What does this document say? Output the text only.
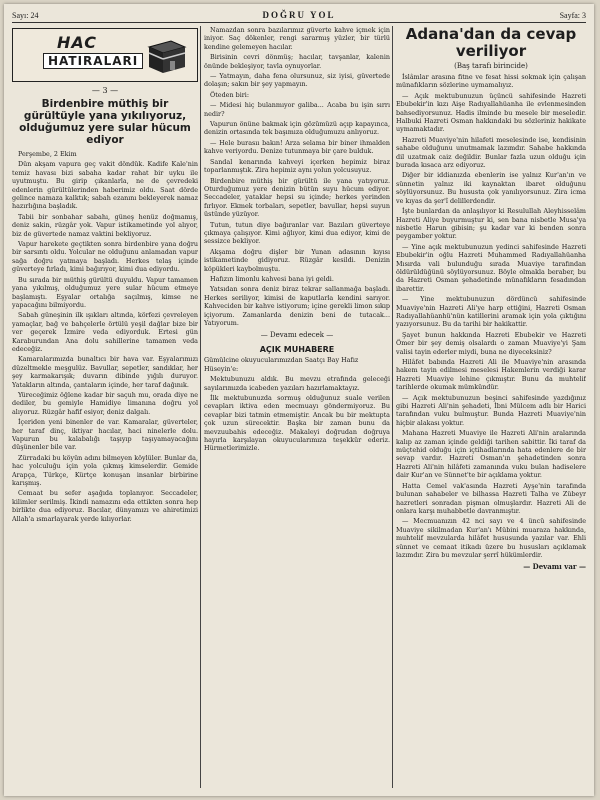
Sayı: 24	DOĞRU YOL	Sayfa: 3
HAC
HATIRALARI
— 3 —
Birdenbire müthiş bir gürültüyle yana yıkılıyoruz, olduğumuz yere sular hücum ediyor

Perşembe, 2 Ekim

Dün akşam vapura geç vakit döndük. Kadife Kale'nin temiz havası bizi sabaha kadar rahat bir uyku ile uyutmuştu. Bu girip çıkanlarla, ne de çevredeki edenlerin gürültülerinden haberimiz oldu. Saat dörde gelince namaza kalktık; sabah ezanını bekleyerek namaz hazırlığına başladık.

Tabii bir sonbahar sabahı, güneş henüz doğmamış, deniz sakin, rüzgâr yok. Vapur istikametinde yol alıyor, biz de güvertede namaz vaktini bekliyoruz.

Vapur harekete geçtikten sonra birdenbire yana doğru bir sarsıntı oldu. Yolcular ne olduğunu anlamadan vapur sağa doğru yatmaya başladı. Herkes telaş içinde güverteye fırladı, kimi bağırıyor, kimi dua ediyordu.

Bu sırada bir müthiş gürültü duyuldu. Vapur tamamen yana yıkılmış, olduğumuz yere sular hücum etmeye başlamıştı. Eşyalar ortalığa saçılmış, kimse ne yapacağını bilmiyordu.

Sabah güneşinin ilk ışıkları altında, körfezi çevreleyen yamaçlar, bağ ve bahçelerle örtülü yeşil dağlar bize bir ver geçerek İzmire veda ediyorduk. Ertesi gün Karaburundan Ana dolu sahillerine tamamen veda edeceğiz.

Kamaralarımızda bunaltıcı bir hava var. Eşyalarımızı düzeltmekle meşgulüz. Bavullar, sepetler, sandıklar, her şey karmakarışık; duvarın dibinde yığılı duruyor. Yatakların altında, çantaların içinde, her taraf dağınık.

Yüreceğimiz öğlene kadar bir saçuh mu, orada diye ne dediler, bu gemiyle Hamidiye limanına doğru yol alıyoruz. Rüzgâr hafif esiyor, deniz dalgalı.

İçeriden yeni binenler de var. Kamaralar, güverteler, her taraf dinç, iktiyar hacılar, haci ninelerle dolu. Vapurun bu kalabalığı taşıyıp taşıyamayacağını düşünenler bile var.

Zürradaki bu köyün adını bilmeyen köylüler. Bunlar da, hac yolculuğu için yola çıkmış kimselerdir. Gemide Arapça, Türkçe, Kürtçe konuşan insanlar birbirine karışmış.

Cemaat bu sefer aşağıda toplanıyor. Seccadeler, kilimler serilmiş. İkindi namazını eda ettikten sonra hep birlikte dua ediyoruz. Bacılar, dünyamızı ve ahiretimizi Allah'a ısmarlayarak yerde kılıyorlar.

Namazdan sonra bazılarımız güverte kahve içmek için iniyor. Saç dökenler, rengi sararmış yüzler, bir türlü kendine gelemeyen hacılar.

Birisinin cevri dönmüş; hacılar, tavşanlar, kalenin önünde bekleşiyor, tavla oynuyorlar.

— Yatmayın, daha fena olursunuz, siz iyisi, güvertede dolaşın; sakın bir şey yapmayın.

Öteden biri:

— Midesi hiç bulanmıyor galiba... Acaba bu işin sırrı nedir?

Vapurun önüne bakmak için gözümüzü açıp kapayınca, denizin ortasında tek başımıza olduğumuzu anlıyoruz.

— Hele burasıı bakın! Arza selama bir biner ihmalden kahve veriyordu. Denize tutunmaya bir çare bulduk.

Sandal kenarında kahveyi içerken hepimiz biraz toparlanmıştık. Zira hepimiz aynı yolun yolcusuyuz.

Birdenbire müthiş bir gürültü ile yana yatıyoruz. Oturduğumuz yere denizin bütün suyu hücum ediyor. Seccadeler, yataklar hepsi su içinde; herkes yerinden fırlıyor. Ekmek torbaları, sepetler, bavullar, hepsi suyun üstünde yüzüyor.

Tutun, tutun diye bağıranlar var. Bazıları güverteye çıkmaya çalışıyor. Kimi ağlıyor, kimi dua ediyor, kimi de sessizce bekliyor.

Akşama doğru dişler bir Yunan adasının kıyısı istikametinde gidiyoruz. Rüzgâr kesildi. Denizin köpükleri kaybolmuştu.

Hafızın limonlu kahvesi bana iyi geldi.

Yatsıdan sonra deniz biraz tekrar sallanmağa başladı. Herkes seriliyor, kimisi de kaputlarla kendini sarıyor. Kahveciden bir kahve istiyorum; içine gerekli limon sıkıp içiyorum. Zamanlarda denizin beni de tutacak... Yatıyorum.

— Devamı edecek —
AÇIK MUHABERE
Gümülcine okuyucularımızdan Saatçı Bay Hafız Hüseyin'e:

Mektubunuzu aldık. Bu mevzu etrafında geleceği sayılarımızda icabeden yazıları hazırlamaktayız.

İlk mektubunuzda sormuş olduğunuz suale verilen cevapları iktiva eden mecmuayı göndermiyoruz. Bu cevaplar bizi tatmin etmemiştir. Ancak bu bir mektupta çok uzun sürecektir. Başka bir zaman bunu da mevzuubahis edeceğiz. Makaleyi doğrudan doğruya hayırla karşılayan okuyucularımıza teşekkür ederiz. Hürmetlerimizle.

Adana'dan da cevap veriliyor
(Baş tarafı birincide)

İslâmlar arasına fitne ve fesat hissi sokmak için çalışan münafıkların sözlerine uymamalıyız.

— Açık mektubunuzun üçüncü sahifesinde Hazreti Ebubekir'in kızı Aişe Radıyallahüanha ile evlenmesinden bahsediyorsunuz. Hadis ilminde bu mesele bir meseledir. Halbuki Hazreti Osman hakkındaki bu sözleriniz hakikate uymamaktadır.

Hazreti Muaviye'nin hilafeti meselesinde ise, kendisinin sahabe olduğunu unutmamak lazımdır. Sahabe hakkında dil uzatmak caiz değildir. Bunlar fazla uzun olduğu için burada kısaca arz ediyoruz.

Diğer bir iddianızda ebenlerin ise yalnız Kur'an'ın ve sünnetin yalnız iki kaynaktan ibaret olduğunu söylüyorsunuz. Bu hususta çok yanılıyorsunuz. Zira icma ve kıyas da şer'î delillerdendir.

İşte bunlardan da anlaşılıyor ki Resulullah Aleyhisselâm Hazreti Aliye buyurmuştur ki, sen bana nisbetle Musa'ya nisbetle Harun gibisin; şu kadar var ki benden sonra peygamber yoktur.

— Yine açık mektubunuzun yedinci sahifesinde Hazreti Ebubekir'in oğlu Hazreti Muhammed Radıyallahüanha Mısırda vali bulunduğu sırada Muaviye tarafından öldürüldüğünü söylüyorsunuz. Böyle olmakla beraber, bu da Hazreti Osman şehadetinde münafıkların fesadından ibarettir.

— Yine mektubunuzun dördüncü sahifesinde Muaviye'nin Hazreti Ali'ye harp ettiğini, Hazreti Osman Radıyallahüanhü'nün katillerini aramak için yola çıktığını yazıyorsunuz. Bu da tarihi bir hakikattir.

Şayet bunun hakkında Hazreti Ebubekir ve Hazreti Ömer bir şey demiş olsalardı o zaman Muaviye'yi Şam valisi tayin ederler miydi, buna ne diyeceksiniz?

Hilâfet babında Hazreti Ali ile Muaviye'nin arasında hakem tayin edilmesi meselesi Hakemlerin verdiği karar Hazreti Muaviye lehine çıkmıştır. Bunu da muhtelif tarihlerde okumak mümkündür.

— Açık mektubunuzun beşinci sahifesinde yazdığınız gibi Hazreti Ali'nin şehadeti, İbni Mülcem adlı bir Harici tarafından vuku bulmuştur. Bunda Hazreti Muaviye'nin hiçbir alakası yoktur.

Mahana Hazreti Muaviye ile Hazreti Ali'nin aralarında kalıp az zaman içinde geldiği tarihen sabittir. İki taraf da müçtehid olduğu için içtihadlarında hata edenlere de bir sevap vardır. Hazreti Osman'ın şehadetinden sonra Hazreti Ali'nin hilâfeti zamanında vuku bulan hadiselere dair Kur'an ve Sünnet'te bir açıklama yoktur.

Hatta Cemel vak'asında Hazreti Ayşe'nin tarafında bulunan sahabeler ve bilhassa Hazreti Talha ve Zübeyr hazretleri sonradan pişman olmuşlardır. Hazreti Ali de onlara karşı muhabbetle davranmıştır.

— Mecmuanızın 42 nci sayı ve 4 üncü sahifesinde Muaviye sikilmadan Kur'an'ı Mübini muaraza hakkında, muhtelif mevzularda hilâfet hususunda yazılar var. Ehli sünnet ve cemaat itikadı üzere bu hususları açıklamak lazımdır. Zira bu mevzular şerrî hükümlerdir.

— Devamı var —
